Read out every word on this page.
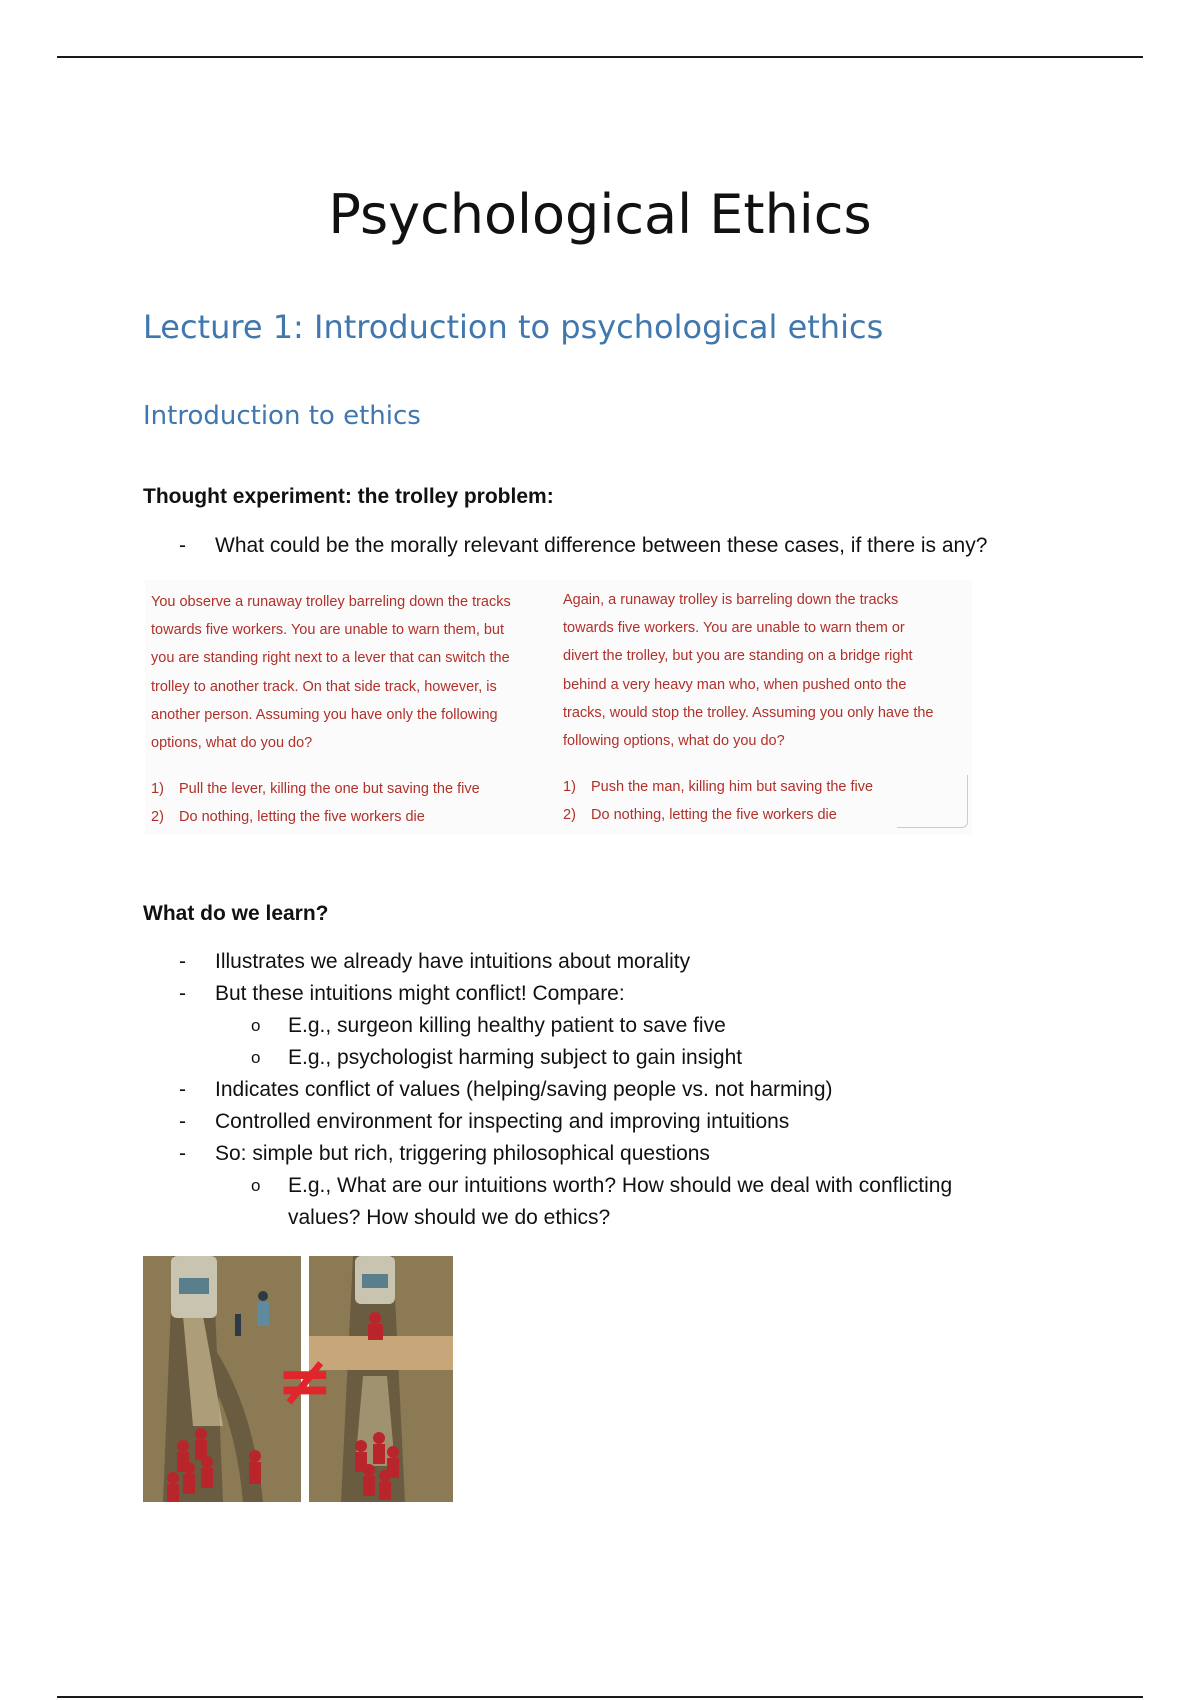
Psychological Ethics
Lecture 1: Introduction to psychological ethics
Introduction to ethics
Thought experiment: the trolley problem:
- What could be the morally relevant difference between these cases, if there is any?

You observe a runaway trolley barreling down the tracks

towards five workers. You are unable to warn them, but

you are standing right next to a lever that can switch the

trolley to another track. On that side track, however, is

another person. Assuming you have only the following

options, what do you do?

1) Pull the lever, killing the one but saving the five
2) Do nothing, letting the five workers die

Again, a runaway trolley is barreling down the tracks

towards five workers. You are unable to warn them or

divert the trolley, but you are standing on a bridge right

behind a very heavy man who, when pushed onto the

tracks, would stop the trolley. Assuming you only have the

following options, what do you do?

1) Push the man, killing him but saving the five
2) Do nothing, letting the five workers die
What do we learn?
- Illustrates we already have intuitions about morality
- But these intuitions might conflict! Compare:
o E.g., surgeon killing healthy patient to save five
o E.g., psychologist harming subject to gain insight
- Indicates conflict of values (helping/saving people vs. not harming)
- Controlled environment for inspecting and improving intuitions
- So: simple but rich, triggering philosophical questions
o E.g., What are our intuitions worth? How should we deal with conflicting
values? How should we do ethics?
≠
